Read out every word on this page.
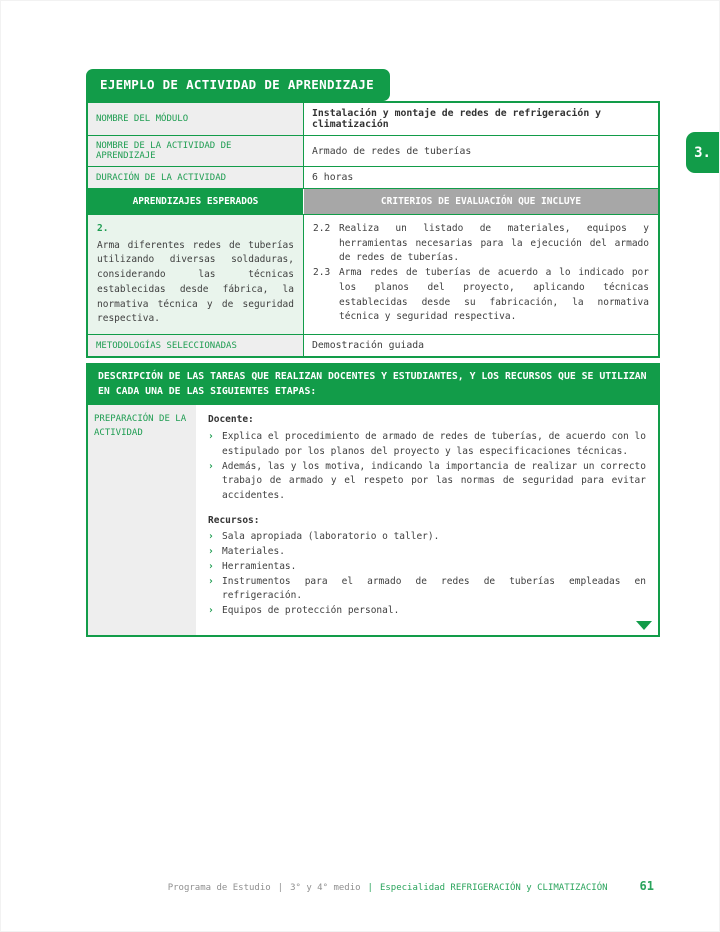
3.
EJEMPLO DE ACTIVIDAD DE APRENDIZAJE
NOMBRE DEL MÓDULO	Instalación y montaje de redes de refrigeración y climatización
NOMBRE DE LA ACTIVIDAD DE APRENDIZAJE	Armado de redes de tuberías
DURACIÓN DE LA ACTIVIDAD	6 horas
APRENDIZAJES ESPERADOS	CRITERIOS DE EVALUACIÓN QUE INCLUYE
2.
Arma diferentes redes de tuberías utilizando diversas soldaduras, considerando las técnicas establecidas desde fábrica, la normativa técnica y de seguridad respectiva.
2.2 Realiza un listado de materiales, equipos y herramientas necesarias para la ejecución del armado de redes de tuberías.
2.3 Arma redes de tuberías de acuerdo a lo indicado por los planos del proyecto, aplicando técnicas establecidas desde su fabricación, la normativa técnica y seguridad respectiva.
METODOLOGÍAS SELECCIONADAS	Demostración guiada
DESCRIPCIÓN DE LAS TAREAS QUE REALIZAN DOCENTES Y ESTUDIANTES, Y LOS RECURSOS QUE SE UTILIZAN EN CADA UNA DE LAS SIGUIENTES ETAPAS:
PREPARACIÓN DE LA ACTIVIDAD
Docente:
› Explica el procedimiento de armado de redes de tuberías, de acuerdo con lo estipulado por los planos del proyecto y las especificaciones técnicas.
› Además, las y los motiva, indicando la importancia de realizar un correcto trabajo de armado y el respeto por las normas de seguridad para evitar accidentes.
Recursos:
› Sala apropiada (laboratorio o taller).
› Materiales.
› Herramientas.
› Instrumentos para el armado de redes de tuberías empleadas en refrigeración.
› Equipos de protección personal.
Programa de Estudio | 3° y 4° medio | Especialidad REFRIGERACIÓN y CLIMATIZACIÓN	61
